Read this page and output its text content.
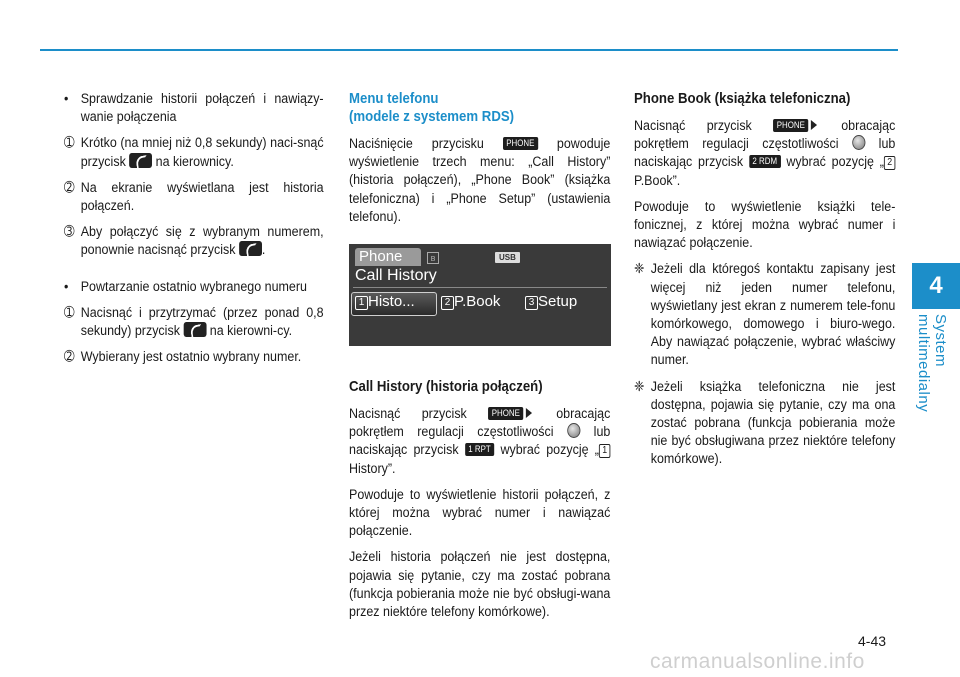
4
System multimedialny
• Sprawdzanie historii połączeń i nawiązy-wanie połączenia
➀ Krótko (na mniej niż 0,8 sekundy) naci-snąć przycisk na kierownicy.
➁ Na ekranie wyświetlana jest historia połączeń.
➂ Aby połączyć się z wybranym numerem, ponownie nacisnąć przycisk .
• Powtarzanie ostatnio wybranego numeru
➀ Nacisnąć i przytrzymać (przez ponad 0,8 sekundy) przycisk na kierowni-cy.
➁ Wybierany jest ostatnio wybrany numer.
Menu telefonu
(modele z systemem RDS)

Naciśnięcie przycisku PHONE powoduje wyświetlenie trzech menu: „Call History” (historia połączeń), „Phone Book” (książka telefoniczna) i „Phone Setup” (ustawienia telefonu).

Phone	ʙ	USB
Call History
1 Histo...	2 P.Book	3 Setup
Call History (historia połączeń)

Nacisnąć przycisk	PHONE	obracając pokrętłem regulacji częstotliwości	lub naciskając przycisk 1 RPT wybrać pozycję „ 1 History”.

Powoduje to wyświetlenie historii połączeń, z której można wybrać numer i nawiązać połączenie.

Jeżeli historia połączeń nie jest dostępna, pojawia się pytanie, czy ma zostać pobrana (funkcja pobierania może nie być obsługi-wana przez niektóre telefony komórkowe).

Phone Book (książka telefoniczna)

Nacisnąć przycisk	PHONE	obracając pokrętłem regulacji częstotliwości	lub naciskając przycisk 2 RDM wybrać pozycję „ 2 P.Book”.

Powoduje to wyświetlenie książki tele-fonicznej, z której można wybrać numer i nawiązać połączenie.

❈ Jeżeli dla któregoś kontaktu zapisany jest więcej niż jeden numer telefonu, wyświetlany jest ekran z numerem tele-fonu komórkowego, domowego i biuro-wego. Aby nawiązać połączenie, wybrać właściwy numer.
❈ Jeżeli książka telefoniczna nie jest dostępna, pojawia się pytanie, czy ma ona zostać pobrana (funkcja pobierania może nie być obsługiwana przez niektóre telefony komórkowe).
4-43
carmanualsonline.info
